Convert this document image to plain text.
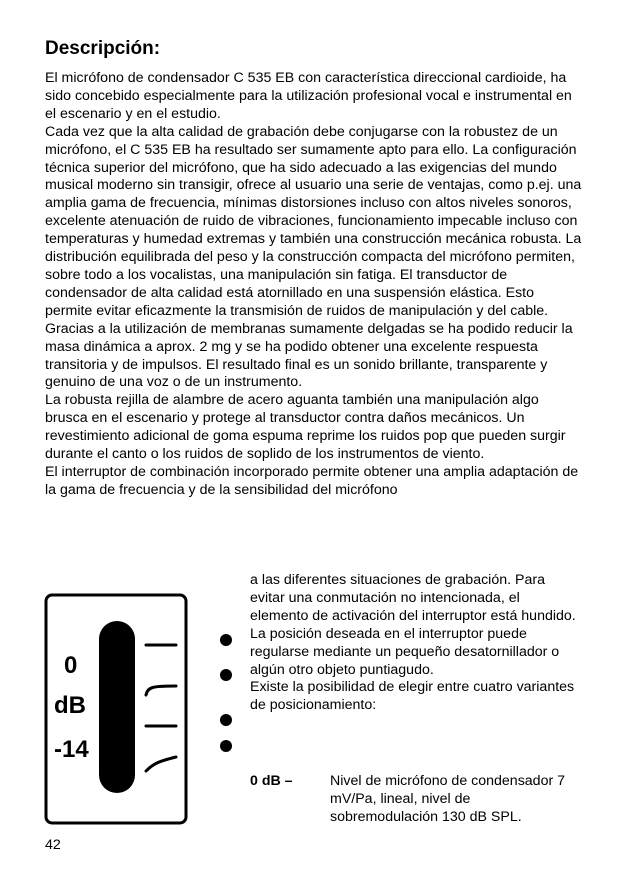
Descripción:

El micrófono de condensador C 535 EB con característica direccional cardioide, ha sido concebido especialmente para la utilización profesional vocal e instrumental en el escenario y en el estudio.

Cada vez que la alta calidad de grabación debe conjugarse con la robustez de un micrófono, el C 535 EB ha resultado ser sumamente apto para ello. La configuración técnica superior del micrófono, que ha sido adecuado a las exigencias del mundo musical moderno sin transigir, ofrece al usuario una serie de ventajas, como p.ej. una amplia gama de frecuencia, mínimas distorsiones incluso con altos niveles sonoros, excelente atenuación de ruido de vibraciones, funcionamiento impecable incluso con temperaturas y humedad extremas y también una construcción mecánica robusta. La distribución equilibrada del peso y la construcción compacta del micrófono permiten, sobre todo a los vocalistas, una manipulación sin fatiga. El transductor de condensador de alta calidad está atornillado en una suspensión elástica. Esto permite evitar eficazmente la transmisión de ruidos de manipulación y del cable. Gracias a la utilización de membranas sumamente delgadas se ha podido reducir la masa dinámica a aprox. 2 mg y se ha podido obtener una excelente respuesta transitoria y de impulsos. El resultado final es un sonido brillante, transparente y genuino de una voz o de un instrumento.

La robusta rejilla de alambre de acero aguanta también una manipulación algo brusca en el escenario y protege al transductor contra daños mecánicos. Un revestimiento adicional de goma espuma reprime los ruidos pop que pueden surgir durante el canto o los ruidos de soplido de los instrumentos de viento.

El interruptor de combinación incorporado permite obtener una amplia adaptación de la gama de frecuencia y de la sensibilidad del micrófono

a las diferentes situaciones de grabación. Para evitar una conmutación no intencionada, el elemento de activación del interruptor está hundido. La posición deseada en el interruptor puede regularse mediante un pequeño desatornillador o algún otro objeto puntiagudo.

Existe la posibilidad de elegir entre cuatro variantes de posicionamiento:

0
dB
-14
0 dB –	Nivel de micrófono de condensador 7 mV/Pa, lineal, nivel de sobremodulación 130 dB SPL.
42
